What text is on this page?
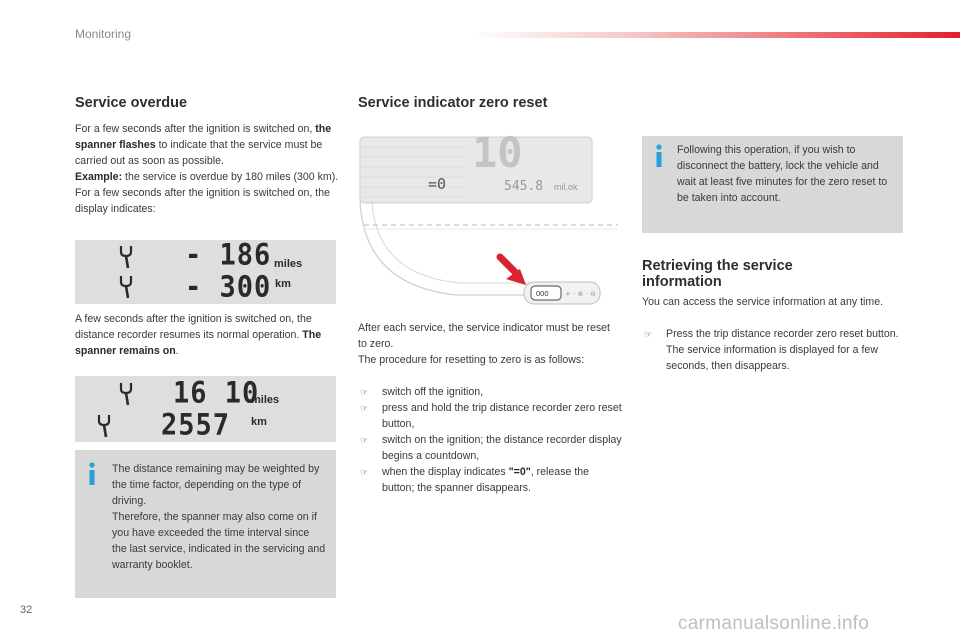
Monitoring
Service overdue

For a few seconds after the ignition is switched on, the spanner flashes to indicate that the service must be carried out as soon as possible.
Example: the service is overdue by 180 miles (300 km).
For a few seconds after the ignition is switched on, the display indicates:

- 186 miles
- 300 km

A few seconds after the ignition is switched on, the distance recorder resumes its normal operation. The spanner remains on.

16 10
miles
2557 km

The distance remaining may be weighted by the time factor, depending on the type of driving.
Therefore, the spanner may also come on if you have exceeded the time interval since the last service, indicated in the servicing and warranty booklet.

Service indicator zero reset
10
=0	545.8 mil.ok
000 + · ⊕ · ⊖

After each service, the service indicator must be reset to zero.
The procedure for resetting to zero is as follows:

☞ switch off the ignition,
☞ press and hold the trip distance recorder zero reset button,
☞ switch on the ignition; the distance recorder display begins a countdown,
☞ when the display indicates "=0", release the button; the spanner disappears.

Following this operation, if you wish to disconnect the battery, lock the vehicle and wait at least five minutes for the zero reset to be taken into account.

Retrieving the service information

You can access the service information at any time.

☞ Press the trip distance recorder zero reset button.
The service information is displayed for a few seconds, then disappears.
32
carmanualsonline.info
